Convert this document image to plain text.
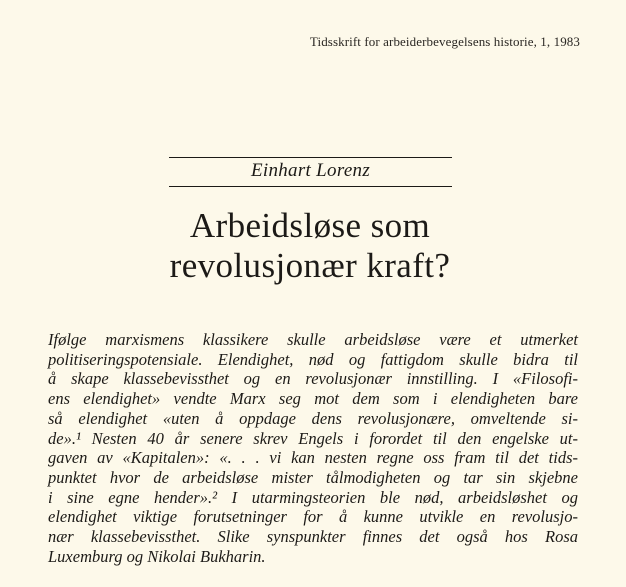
Tidsskrift for arbeiderbevegelsens historie, 1, 1983
Einhart Lorenz
Arbeidsløse som
revolusjonær kraft?
Ifølge marxismens klassikere skulle arbeidsløse være et utmerket
politiseringspotensiale. Elendighet, nød og fattigdom skulle bidra til
å skape klassebevissthet og en revolusjonær innstilling. I «Filosofi-
ens elendighet» vendte Marx seg mot dem som i elendigheten bare
så elendighet «uten å oppdage dens revolusjonære, omveltende si-
de».¹ Nesten 40 år senere skrev Engels i forordet til den engelske ut-
gaven av «Kapitalen»: «. . . vi kan nesten regne oss fram til det tids-
punktet hvor de arbeidsløse mister tålmodigheten og tar sin skjebne
i sine egne hender».² I utarmingsteorien ble nød, arbeidsløshet og
elendighet viktige forutsetninger for å kunne utvikle en revolusjo-
nær klassebevissthet. Slike synspunkter finnes det også hos Rosa
Luxemburg og Nikolai Bukharin.
